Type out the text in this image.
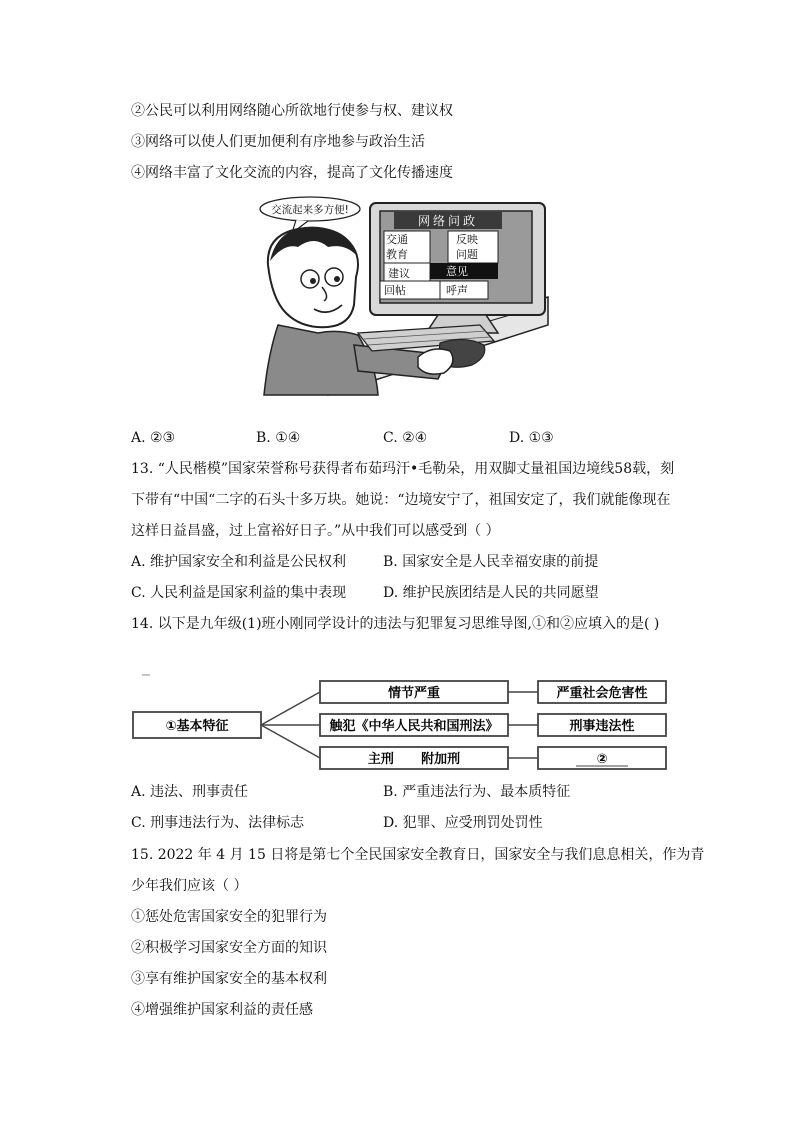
②公民可以利用网络随心所欲地行使参与权、建议权
③网络可以使人们更加便利有序地参与政治生活
④网络丰富了文化交流的内容，提高了文化传播速度
网络问政
交通	反映
教育	问题
建议	意见
回帖	呼声
交流起来多方便!
A. ②③	B. ①④	C. ②④	D. ①③
13. “人民楷模”国家荣誉称号获得者布茹玛汗•毛勒朵，用双脚丈量祖国边境线58载，刻
下带有“中国“二字的石头十多万块。她说：“边境安宁了，祖国安定了，我们就能像现在
这样日益昌盛，过上富裕好日子。”从中我们可以感受到（ ）
A. 维护国家安全和利益是公民权利	B. 国家安全是人民幸福安康的前提
C. 人民利益是国家利益的集中表现	D. 维护民族团结是人民的共同愿望
14. 以下是九年级(1)班小刚同学设计的违法与犯罪复习思维导图,①和②应填入的是( )
①基本特征
情节严重
触犯《中华人民共和国刑法》
主刑      附加刑
严重社会危害性
刑事违法性
②
A. 违法、刑事责任	B. 严重违法行为、最本质特征
C. 刑事违法行为、法律标志	D. 犯罪、应受刑罚处罚性
15. 2022 年 4 月 15 日将是第七个全民国家安全教育日，国家安全与我们息息相关，作为青
少年我们应该（ ）
①惩处危害国家安全的犯罪行为
②积极学习国家安全方面的知识
③享有维护国家安全的基本权利
④增强维护国家利益的责任感
